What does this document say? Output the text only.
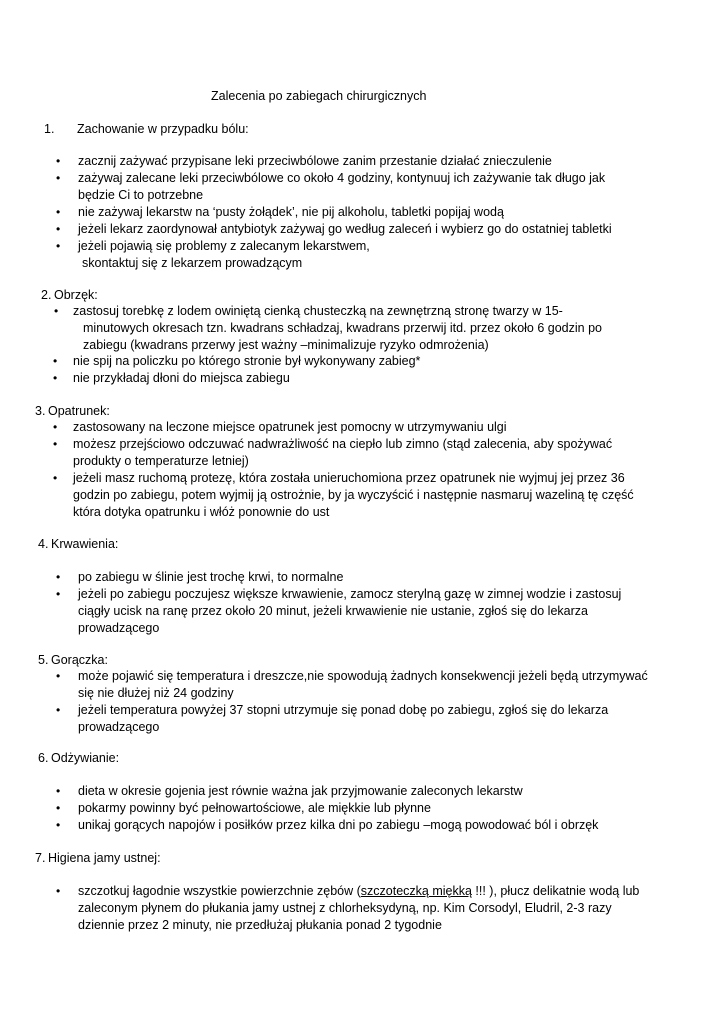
Zalecenia po zabiegach chirurgicznych
1. Zachowanie w przypadku bólu:
• zacznij zażywać przypisane leki przeciwbólowe zanim przestanie działać znieczulenie
• zażywaj zalecane leki przeciwbólowe co około 4 godziny, kontynuuj ich zażywanie tak długo jak
będzie Ci to potrzebne
• nie zażywaj lekarstw na ‘pusty żołądek’, nie pij alkoholu, tabletki popijaj wodą
• jeżeli lekarz zaordynował antybiotyk zażywaj go według zaleceń i wybierz go do ostatniej tabletki
• jeżeli pojawią się problemy z zalecanym lekarstwem,
skontaktuj się z lekarzem prowadzącym
2. Obrzęk:
• zastosuj torebkę z lodem owiniętą cienką chusteczką na zewnętrzną stronę twarzy w 15-
minutowych okresach tzn. kwadrans schładzaj, kwadrans przerwij itd. przez około 6 godzin po
zabiegu (kwadrans przerwy jest ważny –minimalizuje ryzyko odmrożenia)
• nie spij na policzku po którego stronie był wykonywany zabieg*
• nie przykładaj dłoni do miejsca zabiegu
3. Opatrunek:
• zastosowany na leczone miejsce opatrunek jest pomocny w utrzymywaniu ulgi
• możesz przejściowo odczuwać nadwrażliwość na ciepło lub zimno (stąd zalecenia, aby spożywać
produkty o temperaturze letniej)
• jeżeli masz ruchomą protezę, która została unieruchomiona przez opatrunek nie wyjmuj jej przez 36
godzin po zabiegu, potem wyjmij ją ostrożnie, by ja wyczyścić i następnie nasmaruj wazeliną tę część
która dotyka opatrunku i włóż ponownie do ust
4. Krwawienia:
• po zabiegu w ślinie jest trochę krwi, to normalne
• jeżeli po zabiegu poczujesz większe krwawienie, zamocz sterylną gazę w zimnej wodzie i zastosuj
ciągły ucisk na ranę przez około 20 minut, jeżeli krwawienie nie ustanie, zgłoś się do lekarza
prowadzącego
5. Gorączka:
• może pojawić się temperatura i dreszcze,nie spowodują żadnych konsekwencji jeżeli będą utrzymywać
się nie dłużej niż 24 godziny
• jeżeli temperatura powyżej 37 stopni utrzymuje się ponad dobę po zabiegu, zgłoś się do lekarza
prowadzącego
6. Odżywianie:
• dieta w okresie gojenia jest równie ważna jak przyjmowanie zaleconych lekarstw
• pokarmy powinny być pełnowartościowe, ale miękkie lub płynne
• unikaj gorących napojów i posiłków przez kilka dni po zabiegu –mogą powodować ból i obrzęk
7. Higiena jamy ustnej:
• szczotkuj łagodnie wszystkie powierzchnie zębów (szczoteczką miękką !!! ), płucz delikatnie wodą lub
zaleconym płynem do płukania jamy ustnej z chlorheksydyną, np. Kim Corsodyl, Eludril, 2-3 razy
dziennie przez 2 minuty, nie przedłużaj płukania ponad 2 tygodnie
